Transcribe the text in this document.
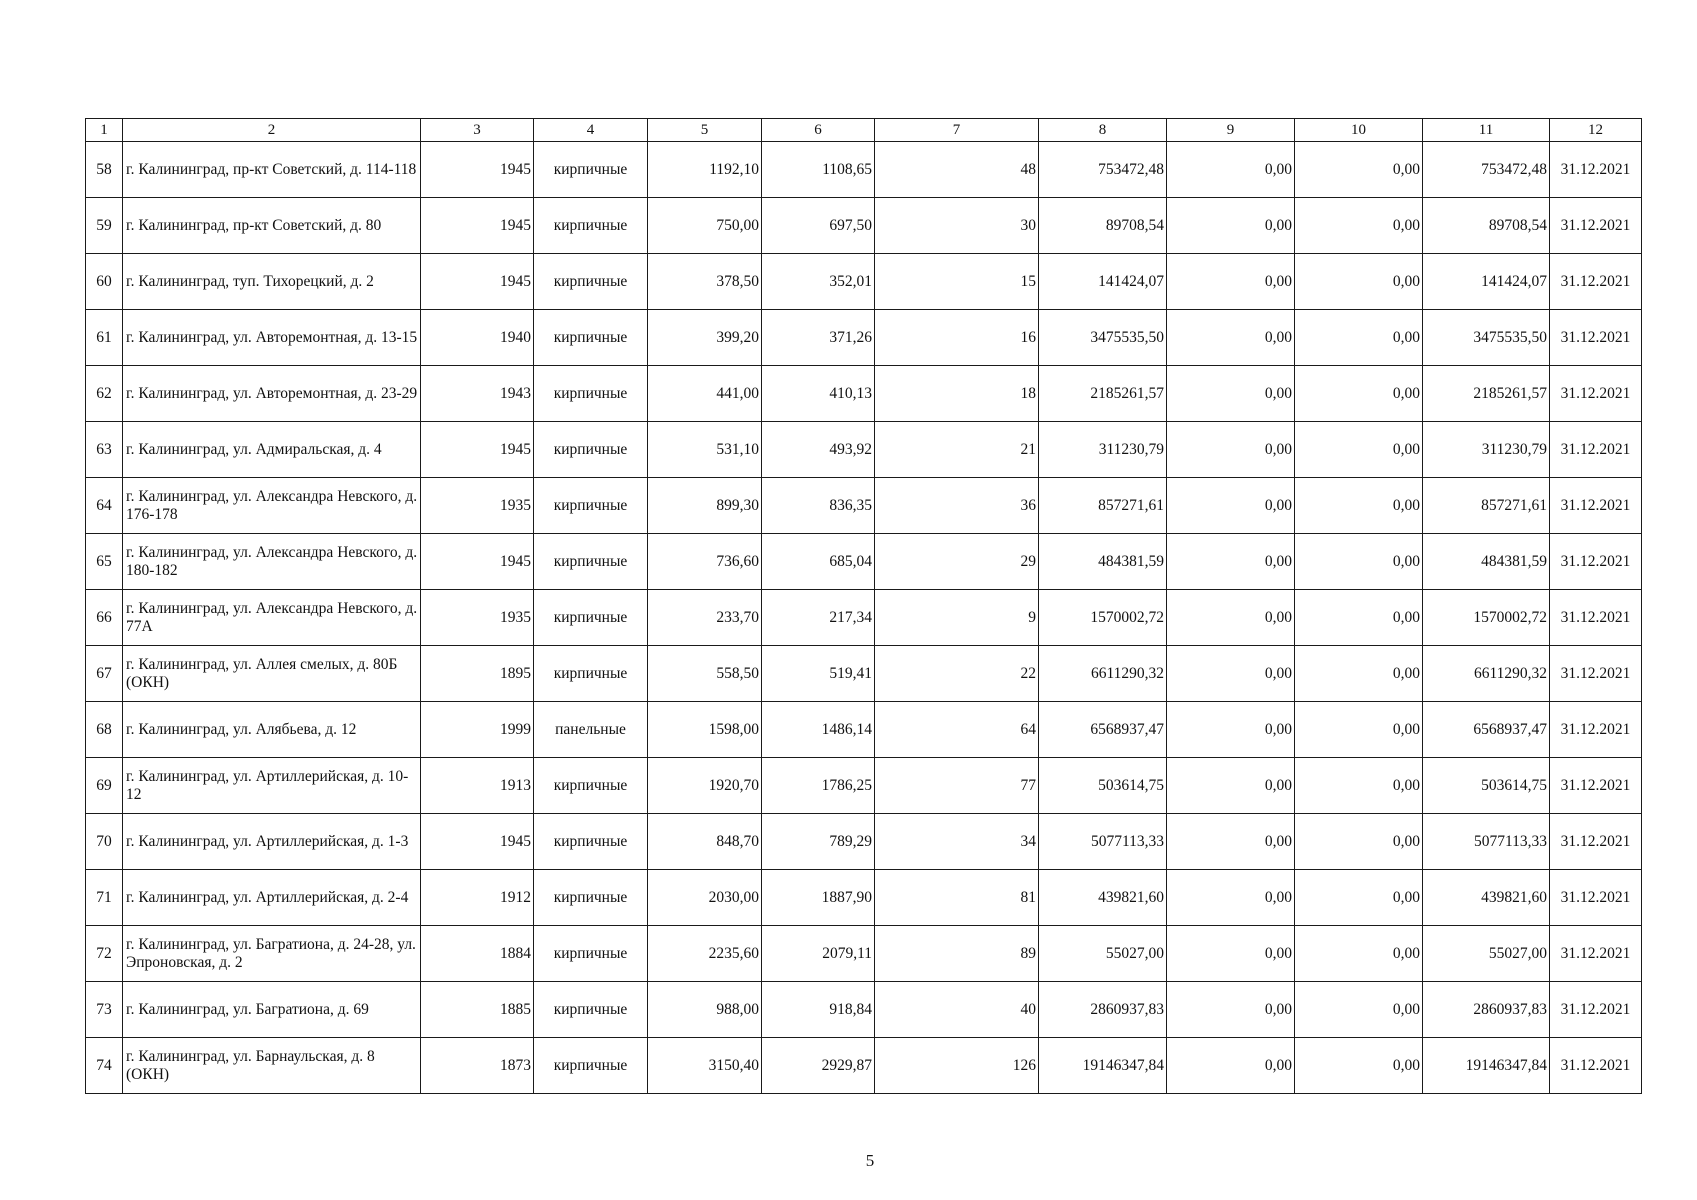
1	2	3	4	5	6	7	8	9	10	11	12
58	г. Калининград, пр-кт Советский, д. 114-118	1945	кирпичные	1192,10	1108,65	48	753472,48	0,00	0,00	753472,48	31.12.2021
59	г. Калининград, пр-кт Советский, д. 80	1945	кирпичные	750,00	697,50	30	89708,54	0,00	0,00	89708,54	31.12.2021
60	г. Калининград, туп. Тихорецкий, д. 2	1945	кирпичные	378,50	352,01	15	141424,07	0,00	0,00	141424,07	31.12.2021
61	г. Калининград, ул. Авторемонтная, д. 13-15	1940	кирпичные	399,20	371,26	16	3475535,50	0,00	0,00	3475535,50	31.12.2021
62	г. Калининград, ул. Авторемонтная, д. 23-29	1943	кирпичные	441,00	410,13	18	2185261,57	0,00	0,00	2185261,57	31.12.2021
63	г. Калининград, ул. Адмиральская, д. 4	1945	кирпичные	531,10	493,92	21	311230,79	0,00	0,00	311230,79	31.12.2021
64	г. Калининград, ул. Александра Невского, д. 176-178	1935	кирпичные	899,30	836,35	36	857271,61	0,00	0,00	857271,61	31.12.2021
65	г. Калининград, ул. Александра Невского, д. 180-182	1945	кирпичные	736,60	685,04	29	484381,59	0,00	0,00	484381,59	31.12.2021
66	г. Калининград, ул. Александра Невского, д. 77А	1935	кирпичные	233,70	217,34	9	1570002,72	0,00	0,00	1570002,72	31.12.2021
67	г. Калининград, ул. Аллея смелых, д. 80Б (ОКН)	1895	кирпичные	558,50	519,41	22	6611290,32	0,00	0,00	6611290,32	31.12.2021
68	г. Калининград, ул. Алябьева, д. 12	1999	панельные	1598,00	1486,14	64	6568937,47	0,00	0,00	6568937,47	31.12.2021
69	г. Калининград, ул. Артиллерийская, д. 10-12	1913	кирпичные	1920,70	1786,25	77	503614,75	0,00	0,00	503614,75	31.12.2021
70	г. Калининград, ул. Артиллерийская, д. 1-3	1945	кирпичные	848,70	789,29	34	5077113,33	0,00	0,00	5077113,33	31.12.2021
71	г. Калининград, ул. Артиллерийская, д. 2-4	1912	кирпичные	2030,00	1887,90	81	439821,60	0,00	0,00	439821,60	31.12.2021
72	г. Калининград, ул. Багратиона, д. 24-28, ул. Эпроновская, д. 2	1884	кирпичные	2235,60	2079,11	89	55027,00	0,00	0,00	55027,00	31.12.2021
73	г. Калининград, ул. Багратиона, д. 69	1885	кирпичные	988,00	918,84	40	2860937,83	0,00	0,00	2860937,83	31.12.2021
74	г. Калининград, ул. Барнаульская, д. 8 (ОКН)	1873	кирпичные	3150,40	2929,87	126	19146347,84	0,00	0,00	19146347,84	31.12.2021
5
